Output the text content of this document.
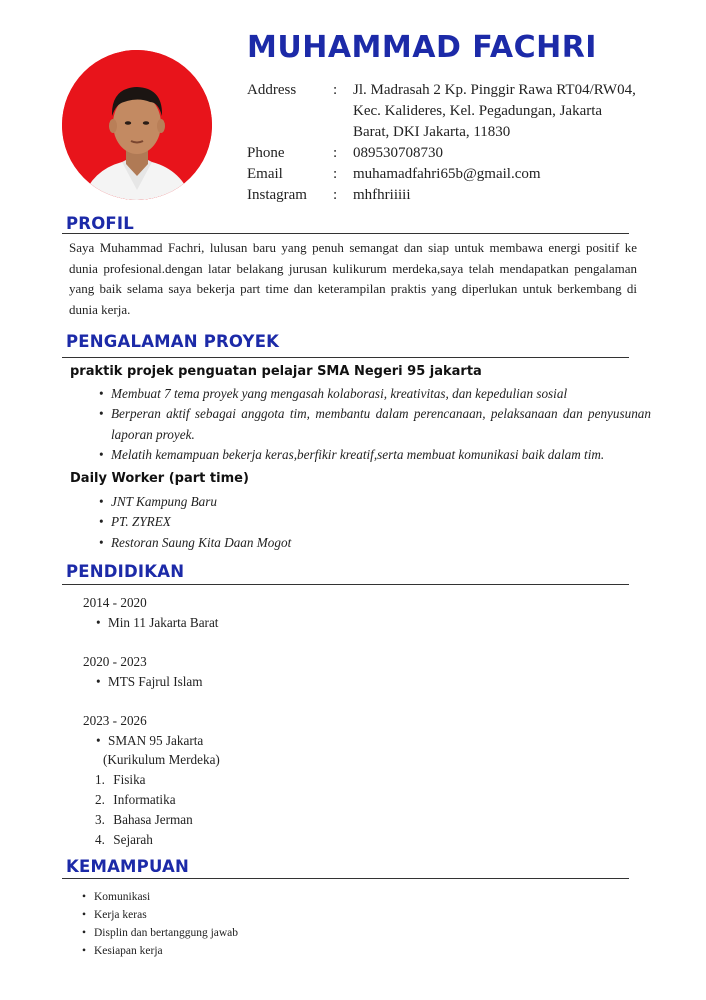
MUHAMMAD FACHRI
Address	:	Jl. Madrasah 2 Kp. Pinggir Rawa RT04/RW04,
Kec. Kalideres, Kel. Pegadungan, Jakarta
Barat, DKI Jakarta, 11830
Phone	:	089530708730
Email	:	muhamadfahri65b@gmail.com
Instagram	:	mhfhriiiii
PROFIL

Saya Muhammad Fachri, lulusan baru yang penuh semangat dan siap untuk membawa energi positif ke dunia profesional.dengan latar belakang jurusan kulikurum merdeka,saya telah mendapatkan pengalaman yang baik selama saya bekerja part time dan keterampilan praktis yang diperlukan untuk berkembang di dunia kerja.

PENGALAMAN PROYEK
praktik projek penguatan pelajar SMA Negeri 95 jakarta
• Membuat 7 tema proyek yang mengasah kolaborasi, kreativitas, dan kepedulian sosial
• Berperan aktif sebagai anggota tim, membantu dalam perencanaan, pelaksanaan dan penyusunan laporan proyek.
• Melatih kemampuan bekerja keras,berfikir kreatif,serta membuat komunikasi baik dalam tim.
Daily Worker (part time)
• JNT Kampung Baru
• PT. ZYREX
• Restoran Saung Kita Daan Mogot
PENDIDIKAN

2014 - 2020

• Min 11 Jakarta Barat

2020 - 2023

• MTS Fajrul Islam

2023 - 2026

• SMAN 95 Jakarta

(Kurikulum Merdeka)

1. Fisika
2. Informatika
3. Bahasa Jerman
4. Sejarah
KEMAMPUAN
• Komunikasi
• Kerja keras
• Displin dan bertanggung jawab
• Kesiapan kerja
